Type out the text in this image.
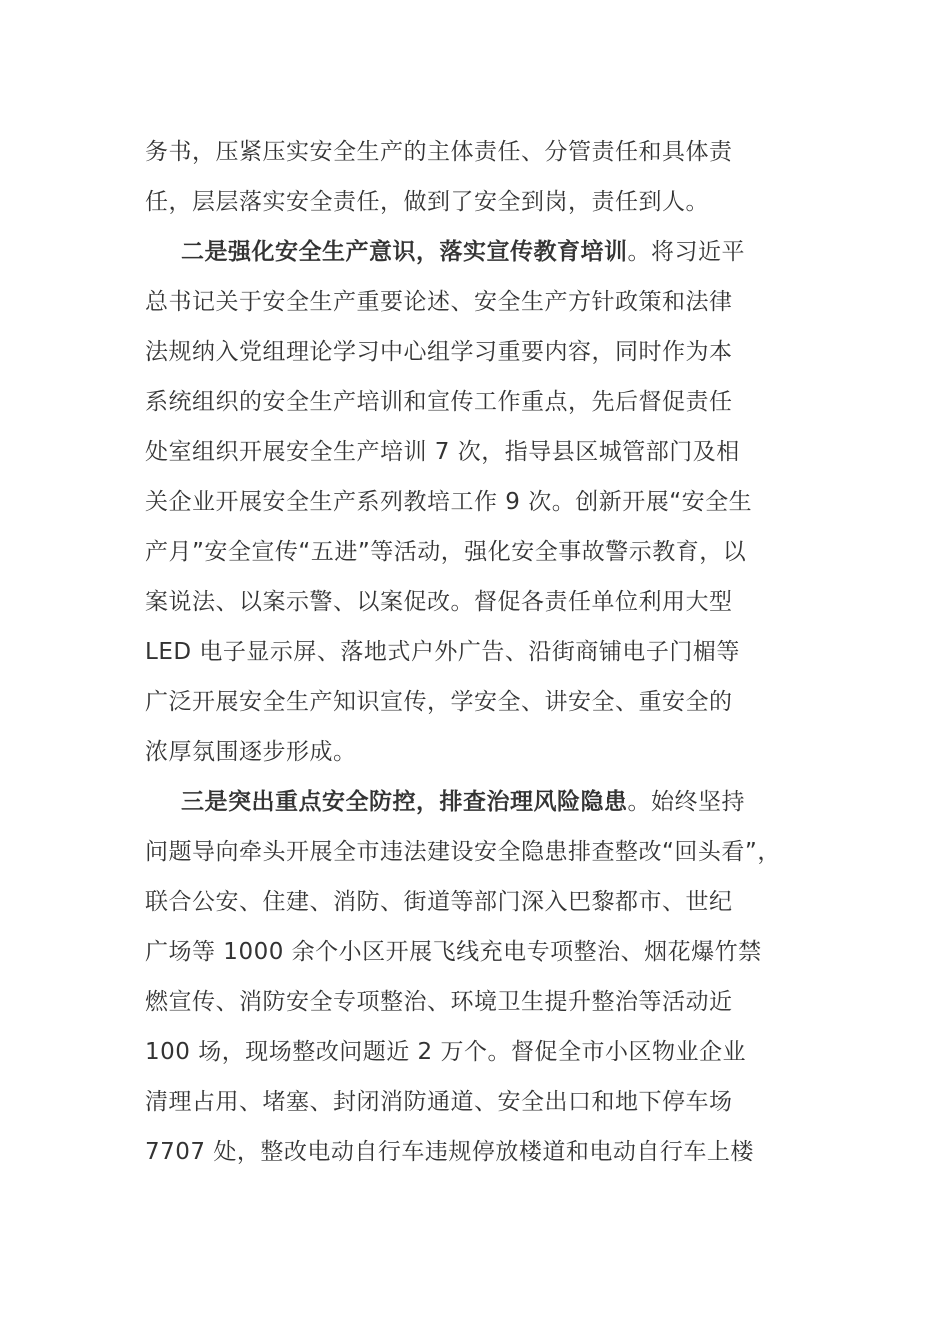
务书，压紧压实安全生产的主体责任、分管责任和具体责
任，层层落实安全责任，做到了安全到岗，责任到人。
二是强化安全生产意识，落实宣传教育培训。将习近平
总书记关于安全生产重要论述、安全生产方针政策和法律
法规纳入党组理论学习中心组学习重要内容，同时作为本
系统组织的安全生产培训和宣传工作重点，先后督促责任
处室组织开展安全生产培训 7 次，指导县区城管部门及相
关企业开展安全生产系列教培工作 9 次。创新开展“安全生
产月”安全宣传“五进”等活动，强化安全事故警示教育，以
案说法、以案示警、以案促改。督促各责任单位利用大型
LED 电子显示屏、落地式户外广告、沿街商铺电子门楣等
广泛开展安全生产知识宣传，学安全、讲安全、重安全的
浓厚氛围逐步形成。
三是突出重点安全防控，排查治理风险隐患。始终坚持
问题导向牵头开展全市违法建设安全隐患排查整改“回头看”，
联合公安、住建、消防、街道等部门深入巴黎都市、世纪
广场等 1000 余个小区开展飞线充电专项整治、烟花爆竹禁
燃宣传、消防安全专项整治、环境卫生提升整治等活动近
100 场，现场整改问题近 2 万个。督促全市小区物业企业
清理占用、堵塞、封闭消防通道、安全出口和地下停车场
7707 处，整改电动自行车违规停放楼道和电动自行车上楼
